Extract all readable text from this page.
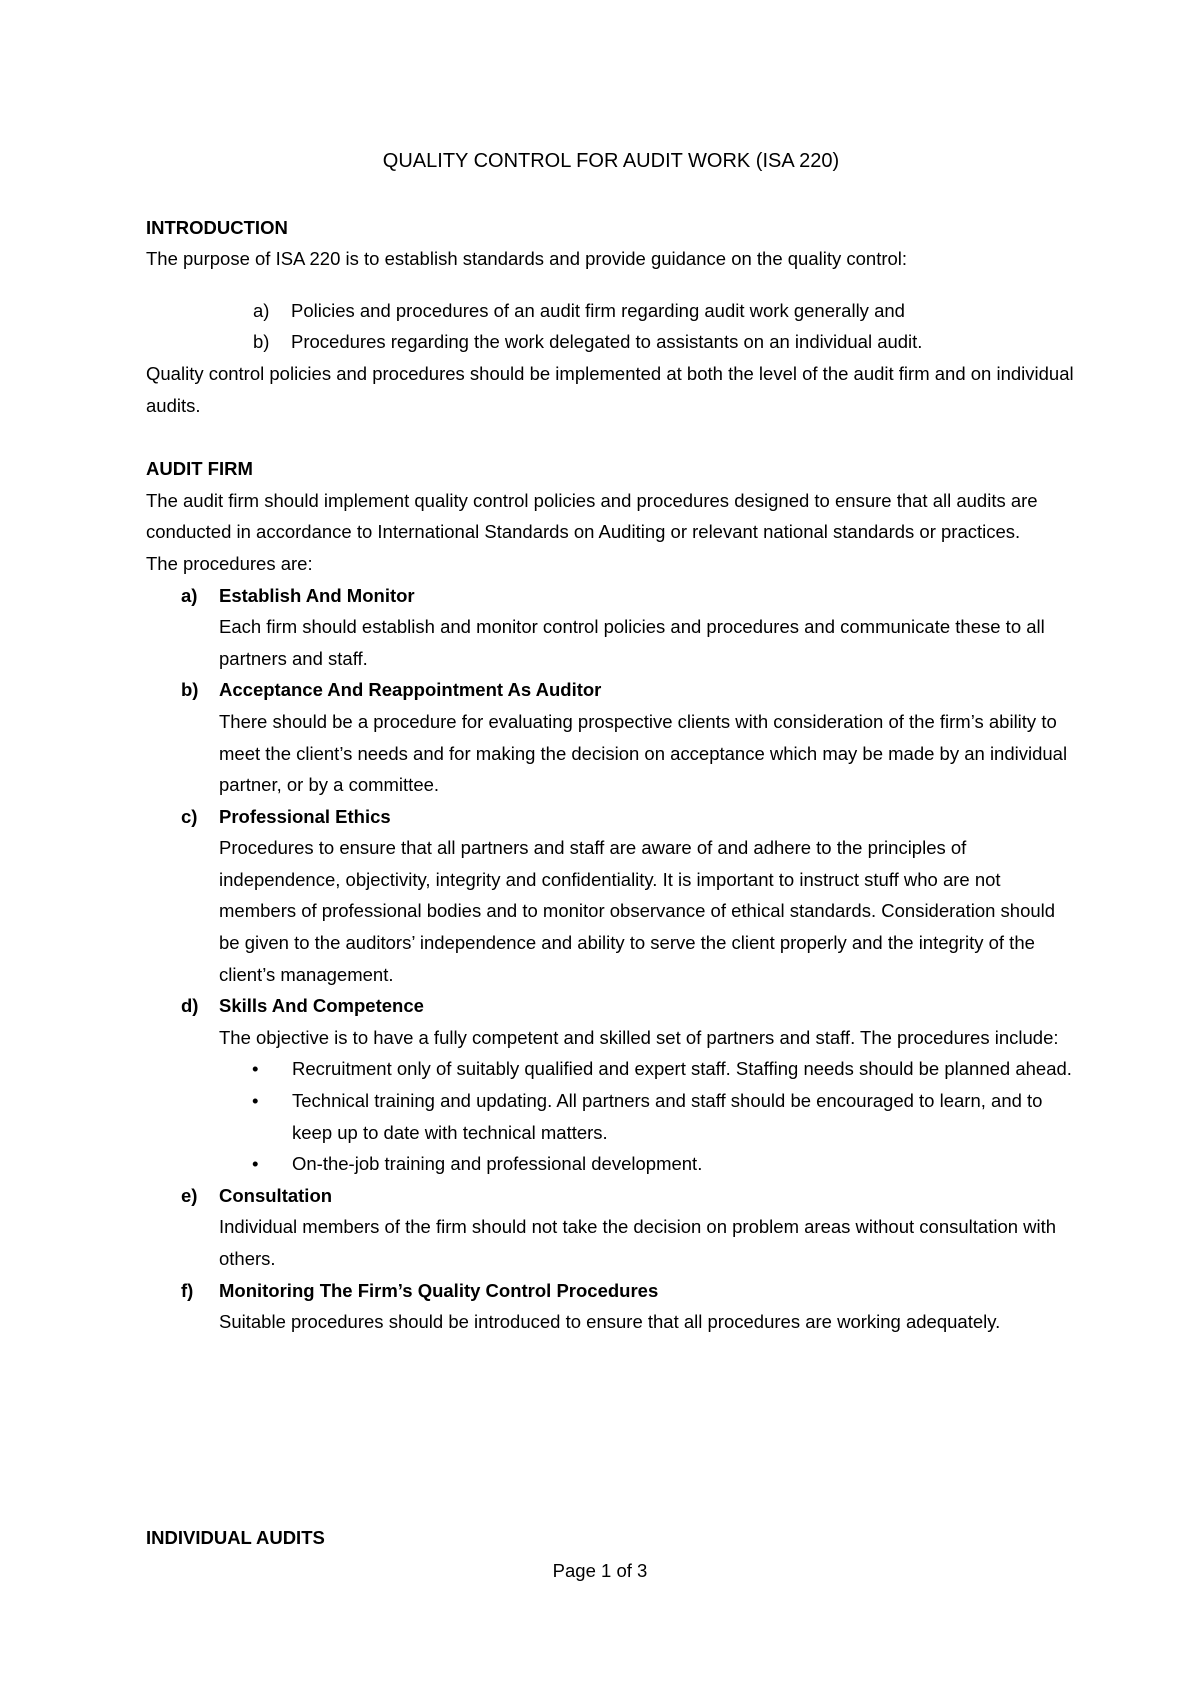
QUALITY CONTROL FOR AUDIT WORK (ISA 220)
INTRODUCTION

The purpose of ISA 220 is to establish standards and provide guidance on the quality control:

a) Policies and procedures of an audit firm regarding audit work generally and
b) Procedures regarding the work delegated to assistants on an individual audit.

Quality control policies and procedures should be implemented at both the level of the audit firm and on individual audits.

AUDIT FIRM

The audit firm should implement quality control policies and procedures designed to ensure that all audits are conducted in accordance to International Standards on Auditing or relevant national standards or practices.

The procedures are:

a) Establish And Monitor
Each firm should establish and monitor control policies and procedures and communicate these to all partners and staff.
b) Acceptance And Reappointment As Auditor
There should be a procedure for evaluating prospective clients with consideration of the firm’s ability to meet the client’s needs and for making the decision on acceptance which may be made by an individual partner, or by a committee.
c) Professional Ethics
Procedures to ensure that all partners and staff are aware of and adhere to the principles of independence, objectivity, integrity and confidentiality. It is important to instruct stuff who are not members of professional bodies and to monitor observance of ethical standards. Consideration should be given to the auditors’ independence and ability to serve the client properly and the integrity of the client’s management.
d) Skills And Competence
The objective is to have a fully competent and skilled set of partners and staff. The procedures include:
• Recruitment only of suitably qualified and expert staff. Staffing needs should be planned ahead.
• Technical training and updating. All partners and staff should be encouraged to learn, and to keep up to date with technical matters.
• On-the-job training and professional development.
e) Consultation
Individual members of the firm should not take the decision on problem areas without consultation with others.
f) Monitoring The Firm’s Quality Control Procedures
Suitable procedures should be introduced to ensure that all procedures are working adequately.
INDIVIDUAL AUDITS
Page 1 of 3
